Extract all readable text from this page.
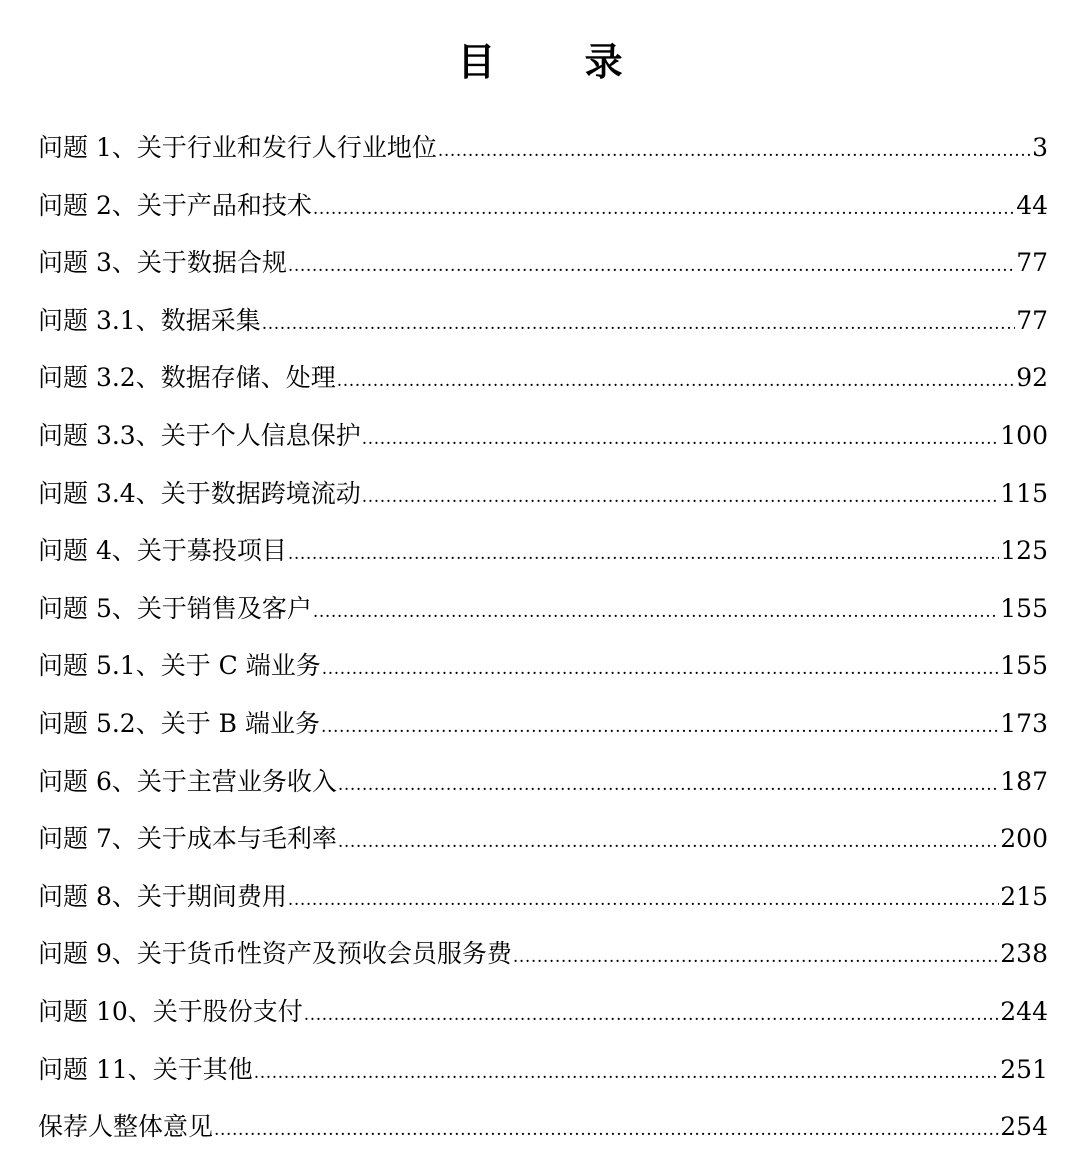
目 录
问题 1、关于行业和发行人行业地位 .....	3
问题 2、关于产品和技术 .....	44
问题 3、关于数据合规 .....	77
问题 3.1、数据采集 .....	77
问题 3.2、数据存储、处理 .....	92
问题 3.3、关于个人信息保护 .....	100
问题 3.4、关于数据跨境流动 .....	115
问题 4、关于募投项目 .....	125
问题 5、关于销售及客户 .....	155
问题 5.1、关于 C 端业务 .....	155
问题 5.2、关于 B 端业务 .....	173
问题 6、关于主营业务收入 .....	187
问题 7、关于成本与毛利率 .....	200
问题 8、关于期间费用 .....	215
问题 9、关于货币性资产及预收会员服务费 .....	238
问题 10、关于股份支付 .....	244
问题 11、关于其他 .....	251
保荐人整体意见 .....	254
